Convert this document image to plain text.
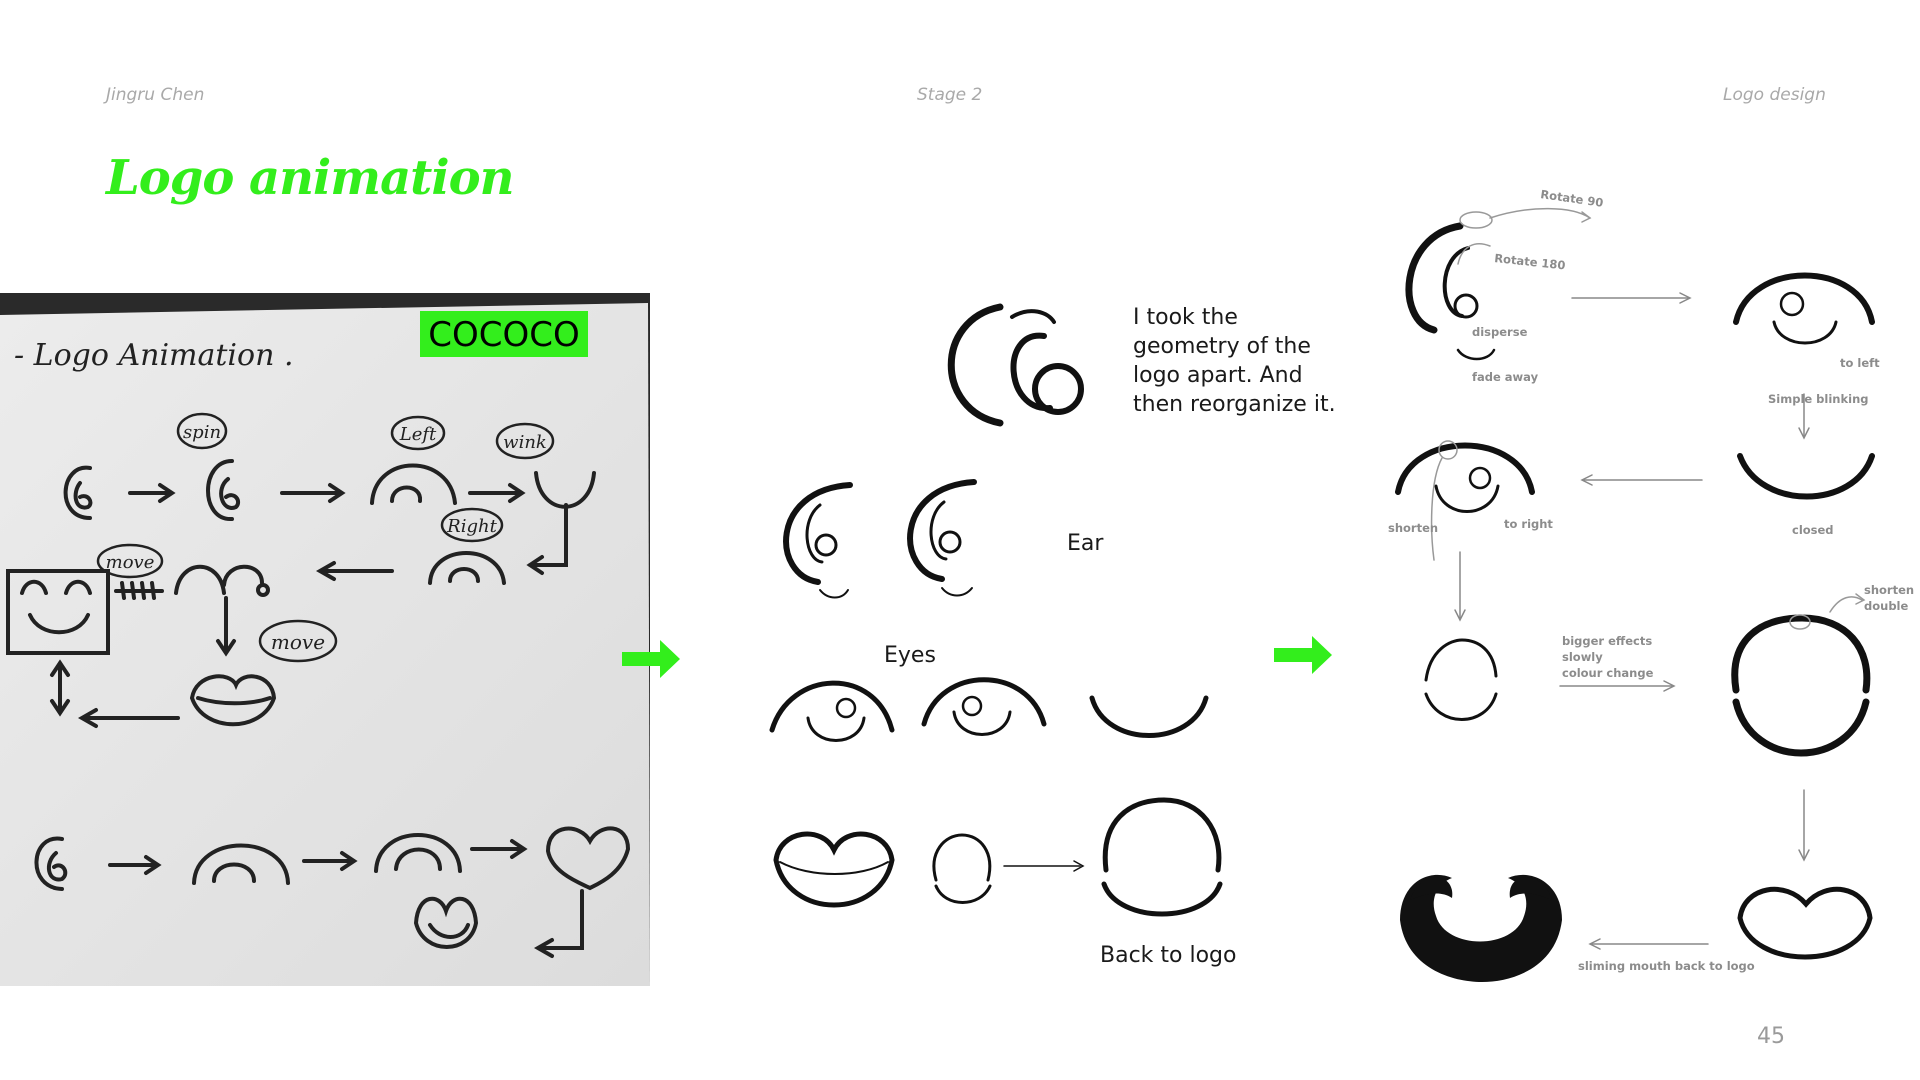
Jingru Chen	Stage 2	Logo design
Logo animation
- Logo Animation .
COCOCO
spin	Left	wink
Right
move
move
I took the
geometry of the
logo apart. And
then reorganize it.
Ear
Eyes
Back to logo
Rotate 90
Rotate 180
disperse
fade away
to left
Simple blinking
closed
shorten	to right
shorten
double
bigger effects
slowly
colour change
sliming mouth back to logo
45
